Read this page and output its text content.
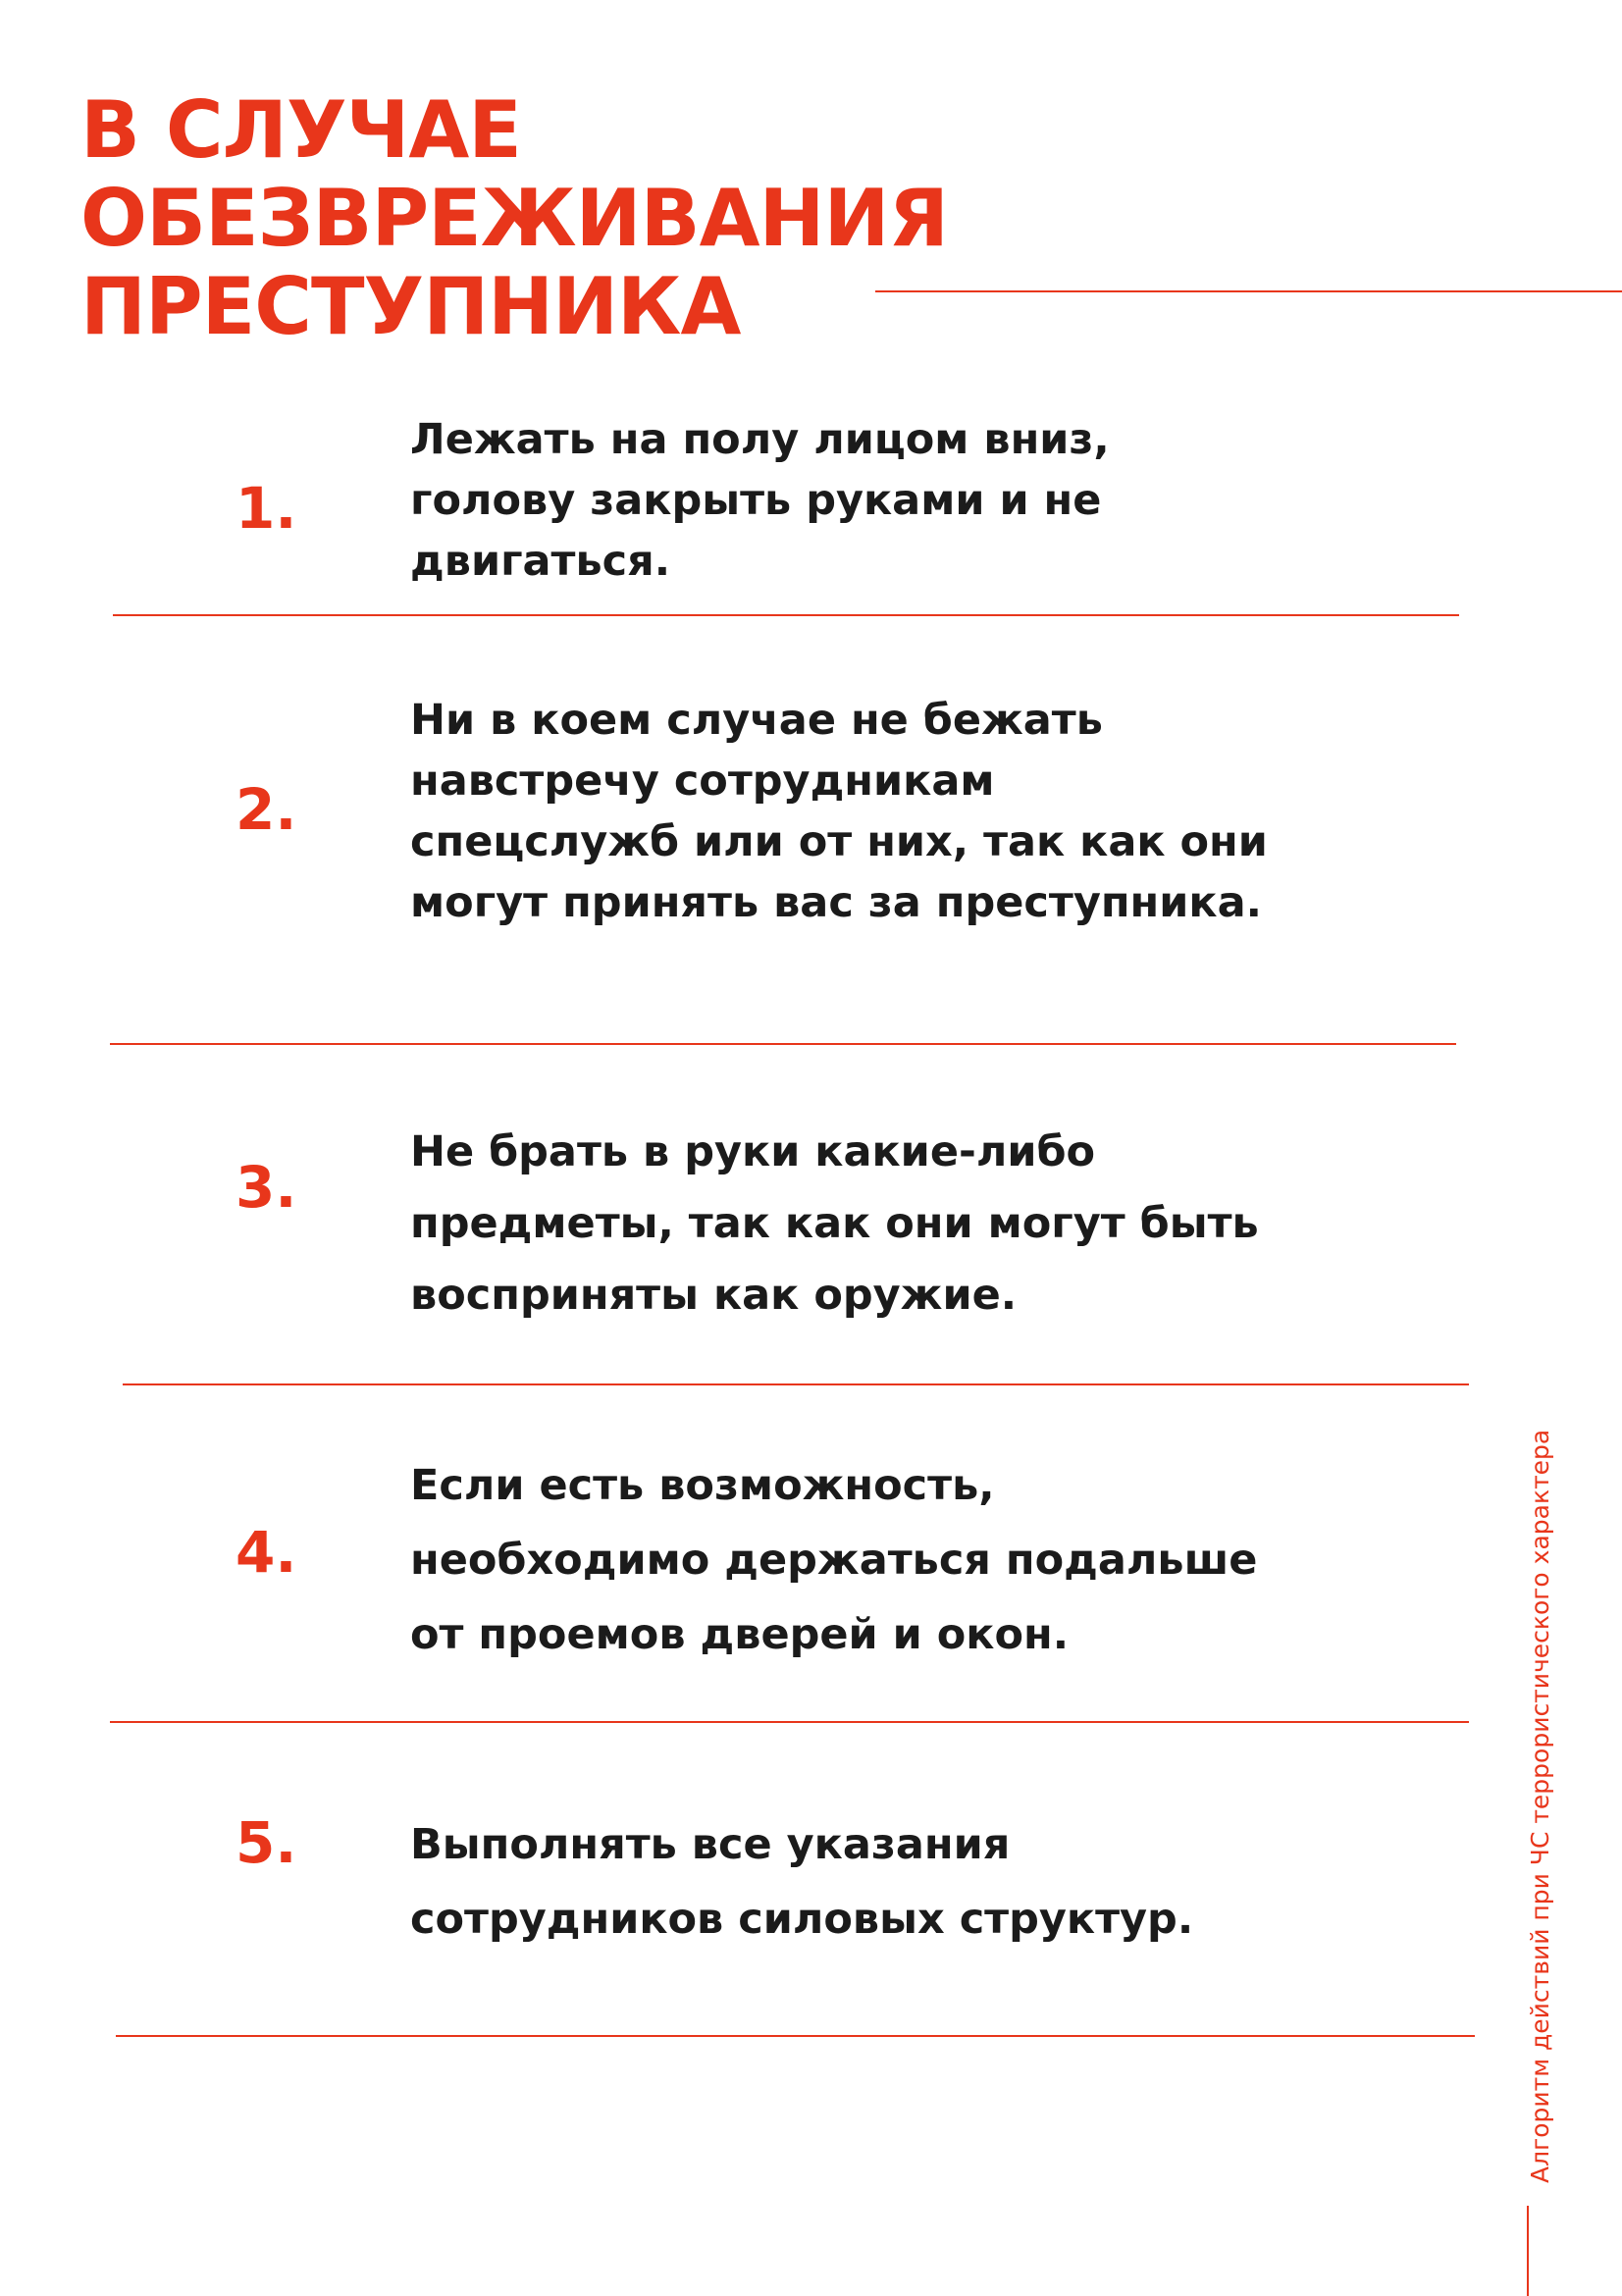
В СЛУЧАЕ
ОБЕЗВРЕЖИВАНИЯ
ПРЕСТУПНИКА
1.
Лежать на полу лицом вниз,
голову закрыть руками и не
двигаться.
2.
Ни в коем случае не бежать
навстречу сотрудникам
спецслужб или от них, так как они
могут принять вас за преступника.
3.
Не брать в руки какие-либо
предметы, так как они могут быть
восприняты как оружие.
4.
Если есть возможность,
необходимо держаться подальше
от проемов дверей и окон.
5.	Выполнять все указания
сотрудников силовых структур.	Алгоритм действий при ЧС террористического характера
